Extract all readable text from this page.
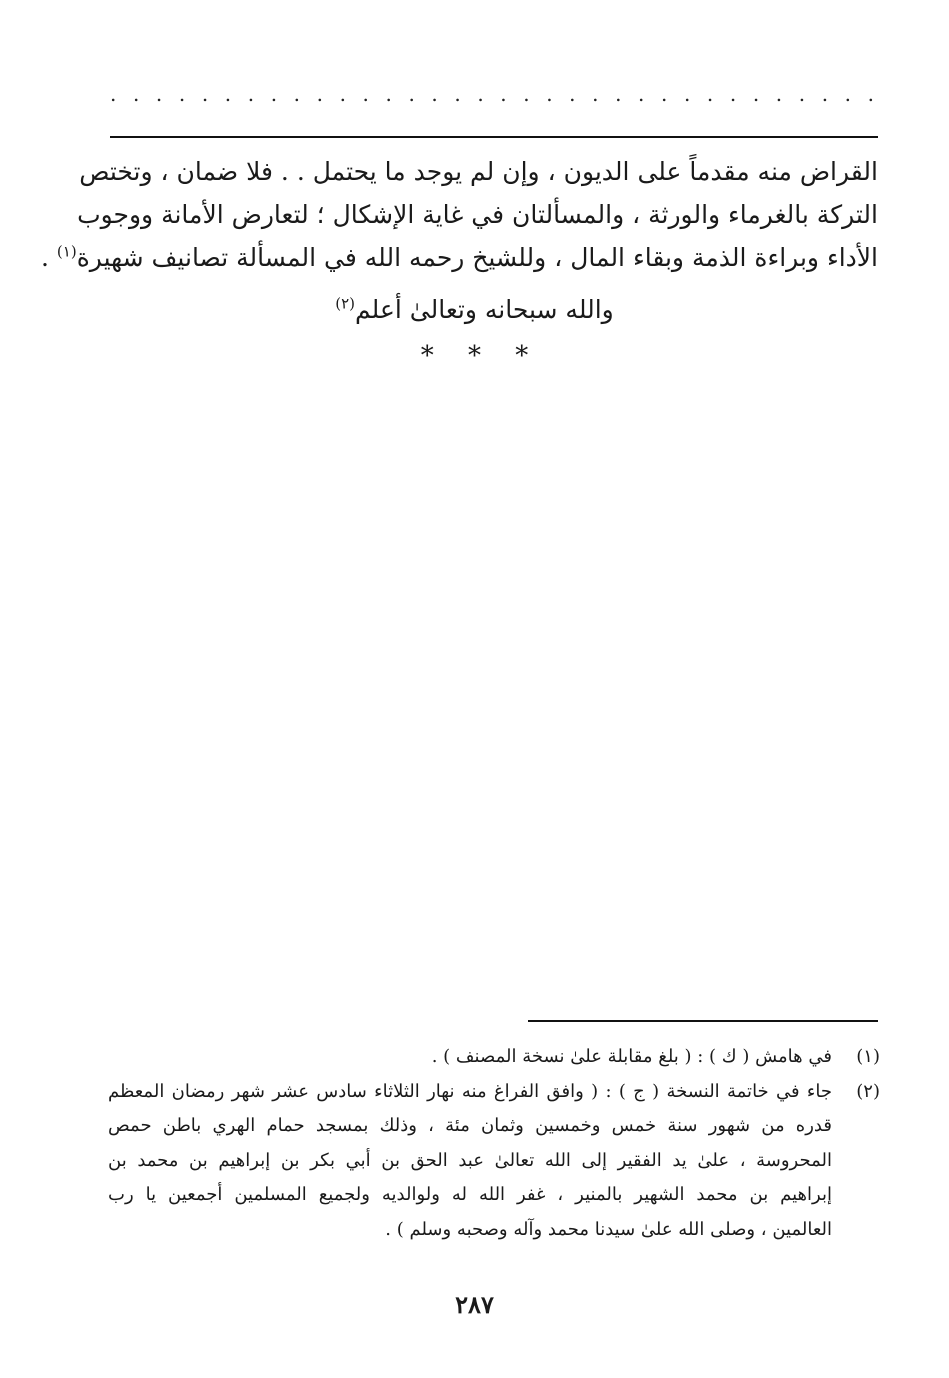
. . . . . . . . . . . . . . . . . . . . . . . . . . . . . . . . . .
القراض منه مقدماً على الديون ، وإن لم يوجد ما يحتمل . . فلا ضمان ، وتختص
التركة بالغرماء والورثة ، والمسألتان في غاية الإشكال ؛ لتعارض الأمانة ووجوب
الأداء وبراءة الذمة وبقاء المال ، وللشيخ رحمه الله في المسألة تصانيف شهيرة$^{(١)}$ .
والله سبحانه وتعالىٰ أعلم$^{(٢)}$
* * *
(١)
في هامش ( ك ) : ( بلغ مقابلة علىٰ نسخة المصنف ) .
(٢)
جاء في خاتمة النسخة ( ج ) : ( وافق الفراغ منه نهار الثلاثاء سادس عشر شهر رمضان المعظم
قدره من شهور سنة خمس وخمسين وثمان مئة ، وذلك بمسجد حمام الهري باطن حمص
المحروسة ، علىٰ يد الفقير إلى الله تعالىٰ عبد الحق بن أبي بكر بن إبراهيم بن محمد بن
إبراهيم بن محمد الشهير بالمنير ، غفر الله له ولوالديه ولجميع المسلمين أجمعين يا رب
العالمين ، وصلى الله علىٰ سيدنا محمد وآله وصحبه وسلم ) .
٢٨٧
